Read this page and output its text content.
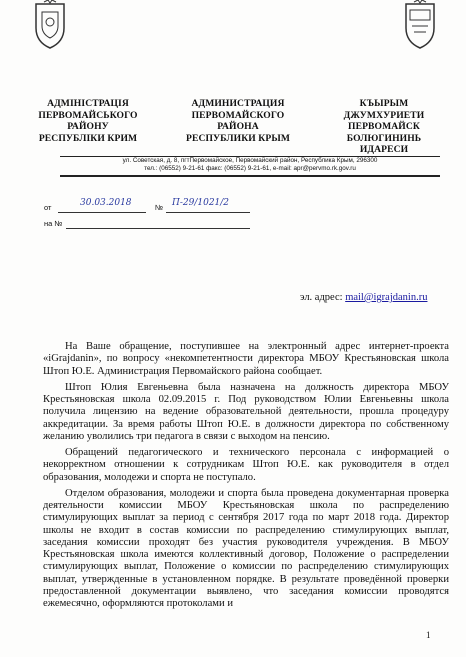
АДМІНІСТРАЦІЯ
ПЕРВОМАЙСЬКОГО
РАЙОНУ
РЕСПУБЛІКИ КРИМ
АДМИНИСТРАЦИЯ
ПЕРВОМАЙСКОГО
РАЙОНА
РЕСПУБЛИКИ КРЫМ
КЪЫРЫМ
ДЖУМХУРИЕТИ
ПЕРВОМАЙСК
БОЛЮГИНИНЬ
ИДАРЕСИ
ул. Советская, д. 8, пгтПервомайское, Первомайский район, Республика Крым, 296300
тел.: (06552) 9-21-61 факс: (06552) 9-21-61, e-mail: apr@pervmo.rk.gov.ru
от	30.03.2018	№ П-29/1021/2
на №
эл. адрес: mail@igrajdanin.ru

На Ваше обращение, поступившее на электронный адрес интернет-проекта «iGrajdanin», по вопросу «некомпетентности директора МБОУ Крестьяновская школа Штоп Ю.Е. Администрация Первомайского района сообщает.

Штоп Юлия Евгеньевна была назначена на должность директора МБОУ Крестьяновская школа 02.09.2015 г. Под руководством Юлии Евгеньевны школа получила лицензию на ведение образовательной деятельности, прошла процедуру аккредитации. За время работы Штоп Ю.Е. в должности директора по собственному желанию уволились три педагога в связи с выходом на пенсию.

Обращений педагогического и технического персонала с информацией о некорректном отношении к сотрудникам Штоп Ю.Е. как руководителя в отдел образования, молодежи и спорта не поступало.

Отделом образования, молодежи и спорта была проведена документарная проверка деятельности комиссии МБОУ Крестьяновская школа по распределению стимулирующих выплат за период с сентября 2017 года по март 2018 года. Директор школы не входит в состав комиссии по распределению стимулирующих выплат, заседания комиссии проходят без участия руководителя учреждения. В МБОУ Крестьяновская школа имеются коллективный договор, Положение о распределении стимулирующих выплат, Положение о комиссии по распределению стимулирующих выплат, утвержденные в установленном порядке. В результате проведённой проверки предоставленной документации выявлено, что заседания комиссии проводятся ежемесячно, оформляются протоколами и

1
